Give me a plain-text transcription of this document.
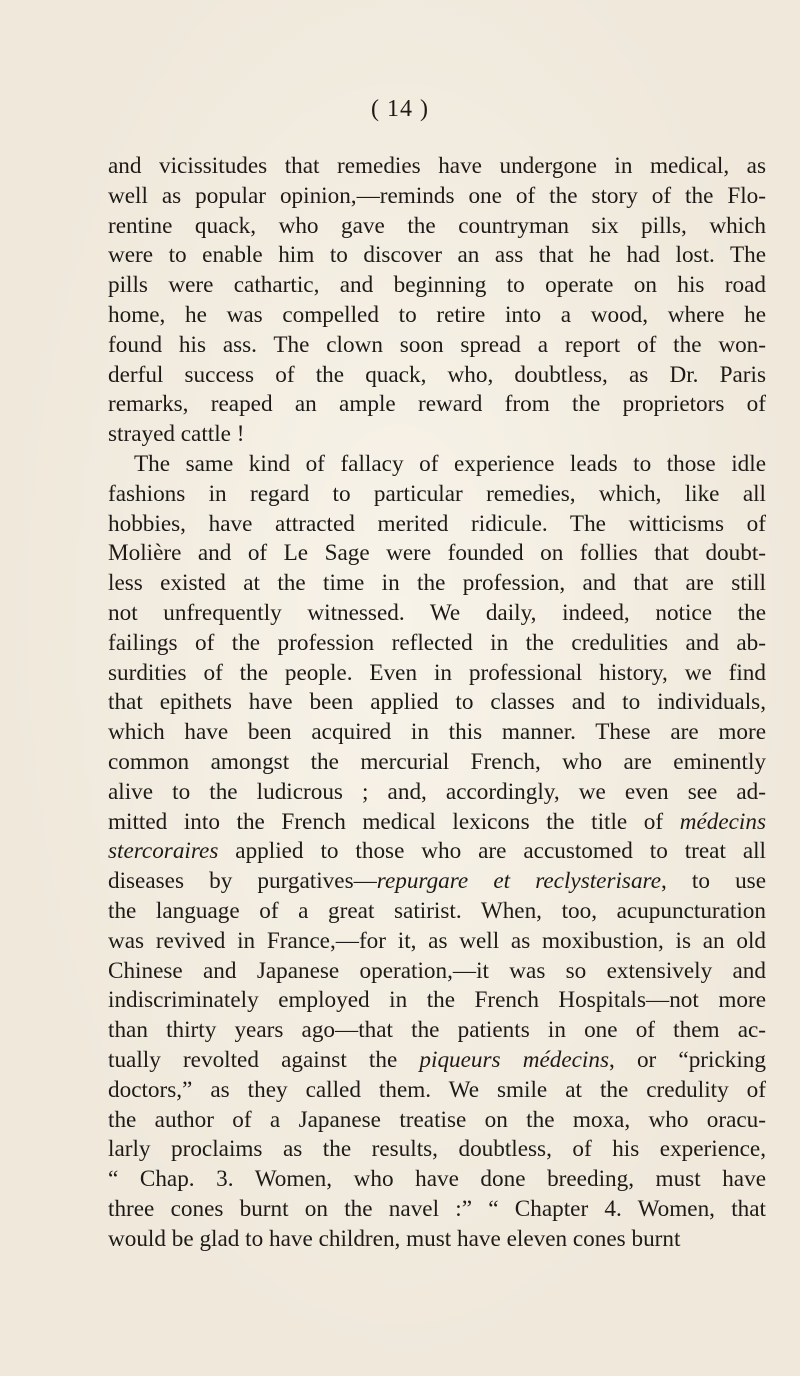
( 14 )
and vicissitudes that remedies have undergone in medical, as
well as popular opinion,—reminds one of the story of the Flo-
rentine quack, who gave the countryman six pills, which
were to enable him to discover an ass that he had lost. The
pills were cathartic, and beginning to operate on his road
home, he was compelled to retire into a wood, where he
found his ass. The clown soon spread a report of the won-
derful success of the quack, who, doubtless, as Dr. Paris
remarks, reaped an ample reward from the proprietors of
strayed cattle !
The same kind of fallacy of experience leads to those idle
fashions in regard to particular remedies, which, like all
hobbies, have attracted merited ridicule. The witticisms of
Molière and of Le Sage were founded on follies that doubt-
less existed at the time in the profession, and that are still
not unfrequently witnessed. We daily, indeed, notice the
failings of the profession reflected in the credulities and ab-
surdities of the people. Even in professional history, we find
that epithets have been applied to classes and to individuals,
which have been acquired in this manner. These are more
common amongst the mercurial French, who are eminently
alive to the ludicrous ; and, accordingly, we even see ad-
mitted into the French medical lexicons the title of médecins
stercoraires applied to those who are accustomed to treat all
diseases by purgatives—repurgare et reclysterisare, to use
the language of a great satirist. When, too, acupuncturation
was revived in France,—for it, as well as moxibustion, is an old
Chinese and Japanese operation,—it was so extensively and
indiscriminately employed in the French Hospitals—not more
than thirty years ago—that the patients in one of them ac-
tually revolted against the piqueurs médecins, or “pricking
doctors,” as they called them. We smile at the credulity of
the author of a Japanese treatise on the moxa, who oracu-
larly proclaims as the results, doubtless, of his experience,
“ Chap. 3. Women, who have done breeding, must have
three cones burnt on the navel :” “ Chapter 4. Women, that
would be glad to have children, must have eleven cones burnt
